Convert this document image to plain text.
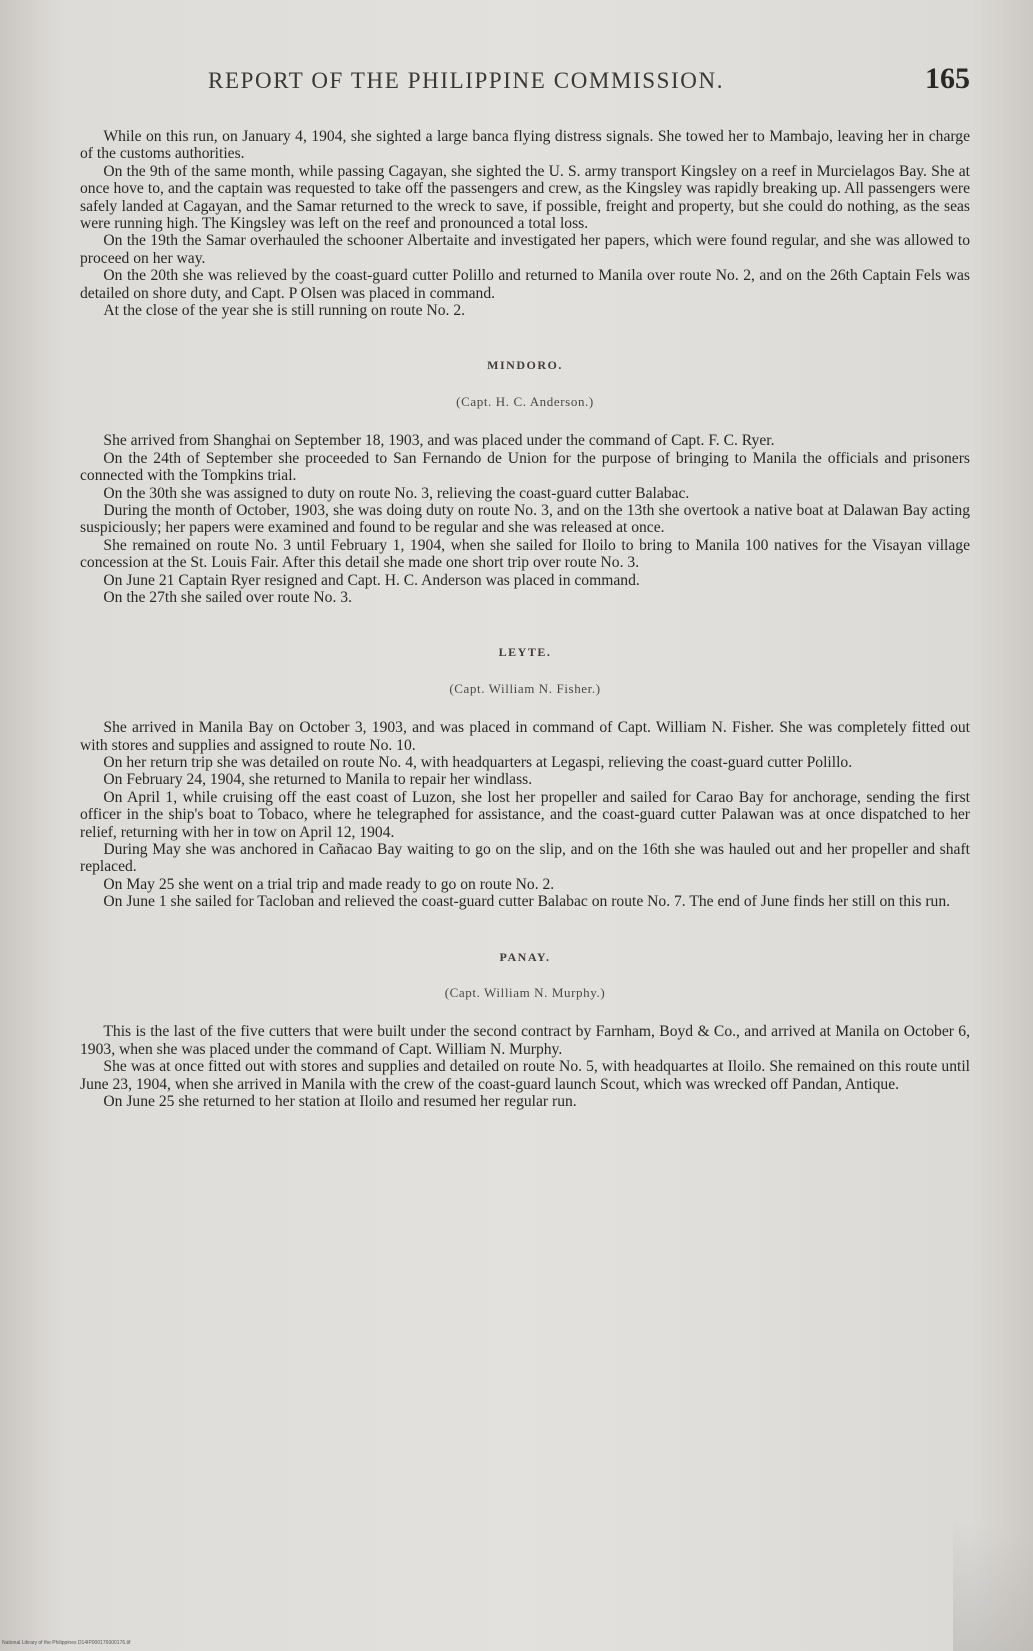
REPORT OF THE PHILIPPINE COMMISSION.	165

While on this run, on January 4, 1904, she sighted a large banca flying distress signals. She towed her to Mambajo, leaving her in charge of the customs authorities.

On the 9th of the same month, while passing Cagayan, she sighted the U. S. army transport Kingsley on a reef in Murcielagos Bay. She at once hove to, and the captain was requested to take off the passengers and crew, as the Kingsley was rapidly breaking up. All passengers were safely landed at Cagayan, and the Samar returned to the wreck to save, if possible, freight and property, but she could do nothing, as the seas were running high. The Kingsley was left on the reef and pronounced a total loss.

On the 19th the Samar overhauled the schooner Albertaite and investigated her papers, which were found regular, and she was allowed to proceed on her way.

On the 20th she was relieved by the coast-guard cutter Polillo and returned to Manila over route No. 2, and on the 26th Captain Fels was detailed on shore duty, and Capt. P Olsen was placed in command.

At the close of the year she is still running on route No. 2.

MINDORO.
(Capt. H. C. Anderson.)

She arrived from Shanghai on September 18, 1903, and was placed under the command of Capt. F. C. Ryer.

On the 24th of September she proceeded to San Fernando de Union for the purpose of bringing to Manila the officials and prisoners connected with the Tompkins trial.

On the 30th she was assigned to duty on route No. 3, relieving the coast-guard cutter Balabac.

During the month of October, 1903, she was doing duty on route No. 3, and on the 13th she overtook a native boat at Dalawan Bay acting suspiciously; her papers were examined and found to be regular and she was released at once.

She remained on route No. 3 until February 1, 1904, when she sailed for Iloilo to bring to Manila 100 natives for the Visayan village concession at the St. Louis Fair. After this detail she made one short trip over route No. 3.

On June 21 Captain Ryer resigned and Capt. H. C. Anderson was placed in command.

On the 27th she sailed over route No. 3.

LEYTE.
(Capt. William N. Fisher.)

She arrived in Manila Bay on October 3, 1903, and was placed in command of Capt. William N. Fisher. She was completely fitted out with stores and supplies and assigned to route No. 10.

On her return trip she was detailed on route No. 4, with headquarters at Legaspi, relieving the coast-guard cutter Polillo.

On February 24, 1904, she returned to Manila to repair her windlass.

On April 1, while cruising off the east coast of Luzon, she lost her propeller and sailed for Carao Bay for anchorage, sending the first officer in the ship's boat to Tobaco, where he telegraphed for assistance, and the coast-guard cutter Palawan was at once dispatched to her relief, returning with her in tow on April 12, 1904.

During May she was anchored in Cañacao Bay waiting to go on the slip, and on the 16th she was hauled out and her propeller and shaft replaced.

On May 25 she went on a trial trip and made ready to go on route No. 2.

On June 1 she sailed for Tacloban and relieved the coast-guard cutter Balabac on route No. 7. The end of June finds her still on this run.

PANAY.
(Capt. William N. Murphy.)

This is the last of the five cutters that were built under the second contract by Farnham, Boyd & Co., and arrived at Manila on October 6, 1903, when she was placed under the command of Capt. William N. Murphy.

She was at once fitted out with stores and supplies and detailed on route No. 5, with headquartes at Iloilo. She remained on this route until June 23, 1904, when she arrived in Manila with the crew of the coast-guard launch Scout, which was wrecked off Pandan, Antique.

On June 25 she returned to her station at Iloilo and resumed her regular run.

National Library of the Philippines D14IP000176000176.tif
